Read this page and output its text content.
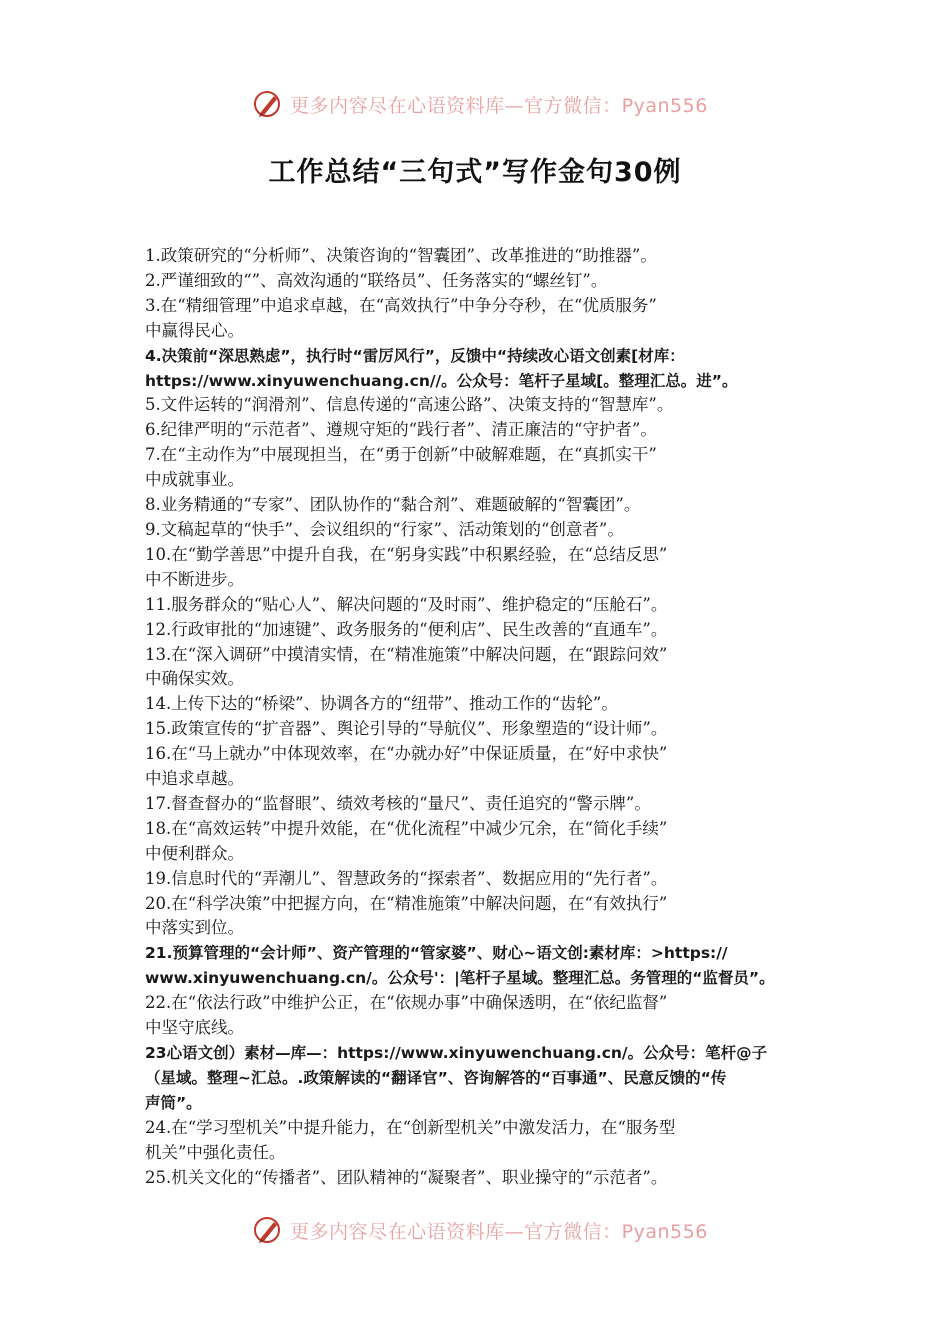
更多内容尽在心语资料库—官方微信：Pyan556
工作总结“三句式”写作金句30例
1.政策研究的“分析师”、决策咨询的“智囊团”、改革推进的“助推器”。
2.严谨细致的“”、高效沟通的“联络员”、任务落实的“螺丝钉”。
3.在“精细管理”中追求卓越，在“高效执行”中争分夺秒，在“优质服务”
中赢得民心。
4.决策前“深思熟虑”，执行时“雷厉风行”，反馈中“持续改心语文创素[材库：
https://www.xinyuwenchuang.cn//。公众号：笔杆子星域[。整理汇总。进”。
5.文件运转的“润滑剂”、信息传递的“高速公路”、决策支持的“智慧库”。
6.纪律严明的“示范者”、遵规守矩的“践行者”、清正廉洁的“守护者”。
7.在“主动作为”中展现担当，在“勇于创新”中破解难题，在“真抓实干”
中成就事业。
8.业务精通的“专家”、团队协作的“黏合剂”、难题破解的“智囊团”。
9.文稿起草的“快手”、会议组织的“行家”、活动策划的“创意者”。
10.在“勤学善思”中提升自我，在“躬身实践”中积累经验，在“总结反思”
中不断进步。
11.服务群众的“贴心人”、解决问题的“及时雨”、维护稳定的“压舱石”。
12.行政审批的“加速键”、政务服务的“便利店”、民生改善的“直通车”。
13.在“深入调研”中摸清实情，在“精准施策”中解决问题，在“跟踪问效”
中确保实效。
14.上传下达的“桥梁”、协调各方的“纽带”、推动工作的“齿轮”。
15.政策宣传的“扩音器”、舆论引导的“导航仪”、形象塑造的“设计师”。
16.在“马上就办”中体现效率，在“办就办好”中保证质量，在“好中求快”
中追求卓越。
17.督查督办的“监督眼”、绩效考核的“量尺”、责任追究的“警示牌”。
18.在“高效运转”中提升效能，在“优化流程”中减少冗余，在“简化手续”
中便利群众。
19.信息时代的“弄潮儿”、智慧政务的“探索者”、数据应用的“先行者”。
20.在“科学决策”中把握方向，在“精准施策”中解决问题，在“有效执行”
中落实到位。
21.预算管理的“会计师”、资产管理的“管家婆”、财心~语文创:素材库：>https://
www.xinyuwenchuang.cn/。公众号'：|笔杆子星域。整理汇总。务管理的“监督员”。
22.在“依法行政”中维护公正，在“依规办事”中确保透明，在“依纪监督”
中坚守底线。
23心语文创）素材—库—：https://www.xinyuwenchuang.cn/。公众号：笔杆@子
（星域。整理~汇总。.政策解读的“翻译官”、咨询解答的“百事通”、民意反馈的“传
声筒”。
24.在“学习型机关”中提升能力，在“创新型机关”中激发活力，在“服务型
机关”中强化责任。
25.机关文化的“传播者”、团队精神的“凝聚者”、职业操守的“示范者”。
更多内容尽在心语资料库—官方微信：Pyan556
